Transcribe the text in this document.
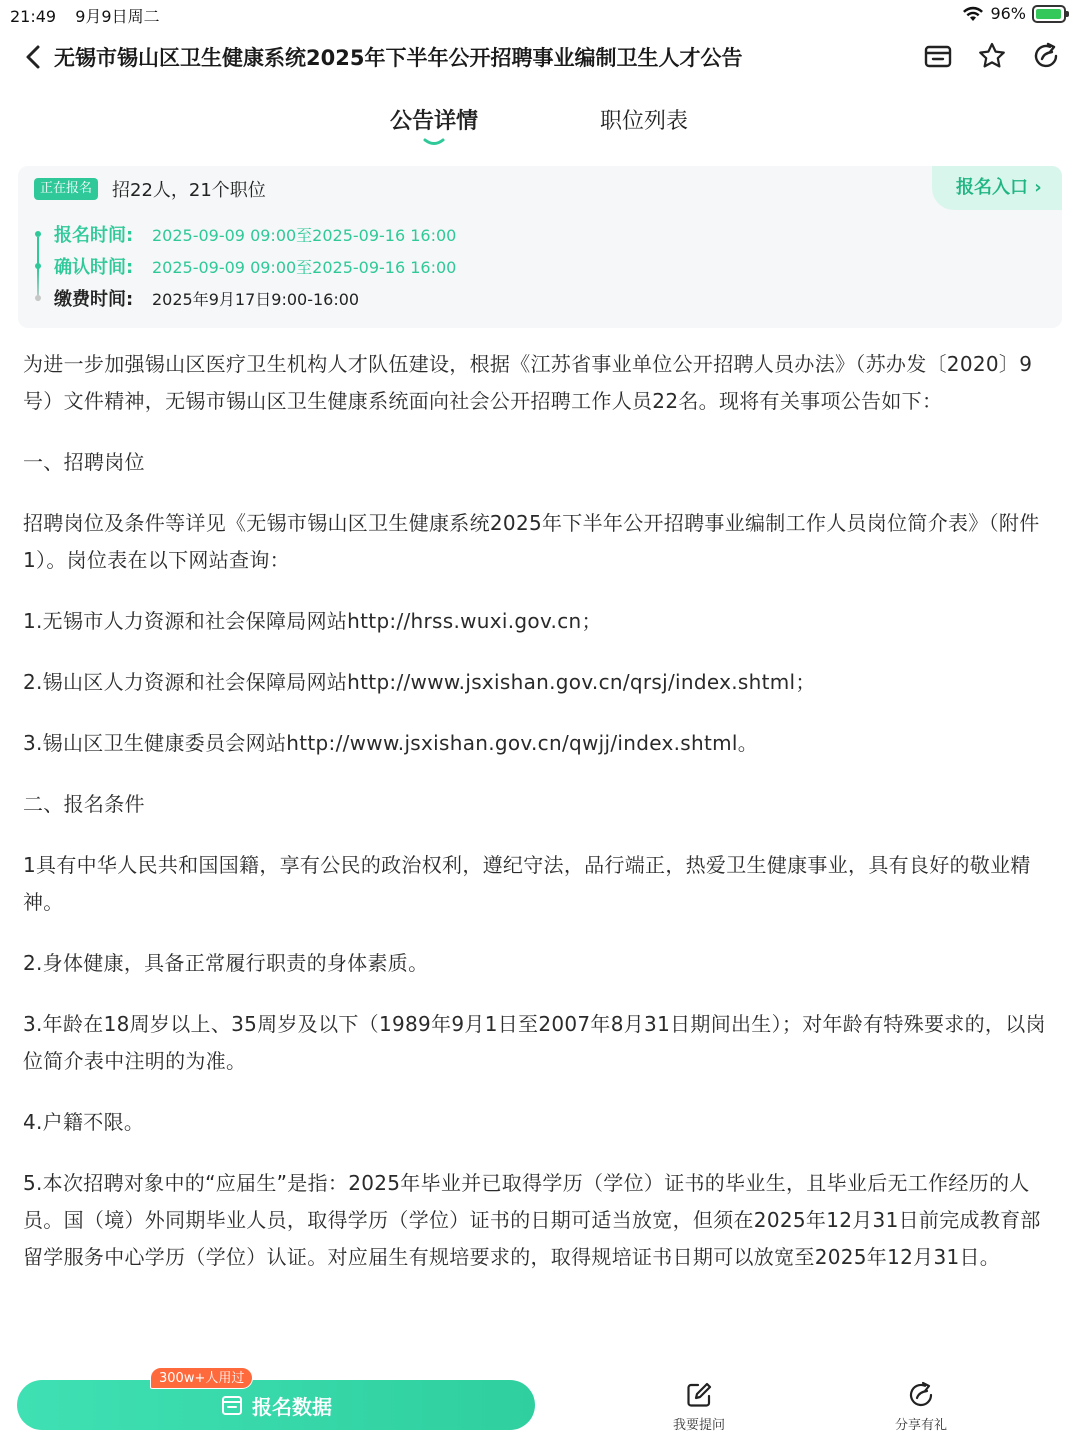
21:49 9月9日周二	96%
无锡市锡山区卫生健康系统2025年下半年公开招聘事业编制卫生人才公告
公告详情	职位列表
正在报名	招22人，21个职位	报名入口 ›
报名时间:	2025-09-09 09:00至2025-09-16 16:00
确认时间:	2025-09-09 09:00至2025-09-16 16:00
缴费时间:	2025年9月17日9:00-16:00

为进一步加强锡山区医疗卫生机构人才队伍建设，根据《江苏省事业单位公开招聘人员办法》（苏办发〔2020〕9号）文件精神，无锡市锡山区卫生健康系统面向社会公开招聘工作人员22名。现将有关事项公告如下：

一、招聘岗位

招聘岗位及条件等详见《无锡市锡山区卫生健康系统2025年下半年公开招聘事业编制工作人员岗位简介表》（附件1）。岗位表在以下网站查询：

1.无锡市人力资源和社会保障局网站http://hrss.wuxi.gov.cn；

2.锡山区人力资源和社会保障局网站http://www.jsxishan.gov.cn/qrsj/index.shtml；

3.锡山区卫生健康委员会网站http://www.jsxishan.gov.cn/qwjj/index.shtml。

二、报名条件

1具有中华人民共和国国籍，享有公民的政治权利，遵纪守法，品行端正，热爱卫生健康事业，具有良好的敬业精神。

2.身体健康，具备正常履行职责的身体素质。

3.年龄在18周岁以上、35周岁及以下（1989年9月1日至2007年8月31日期间出生）；对年龄有特殊要求的，以岗位简介表中注明的为准。

4.户籍不限。

5.本次招聘对象中的“应届生”是指：2025年毕业并已取得学历（学位）证书的毕业生，且毕业后无工作经历的人员。国（境）外同期毕业人员，取得学历（学位）证书的日期可适当放宽，但须在2025年12月31日前完成教育部留学服务中心学历（学位）认证。对应届生有规培要求的，取得规培证书日期可以放宽至2025年12月31日。

报名数据
300w+人用过
我要提问	分享有礼
